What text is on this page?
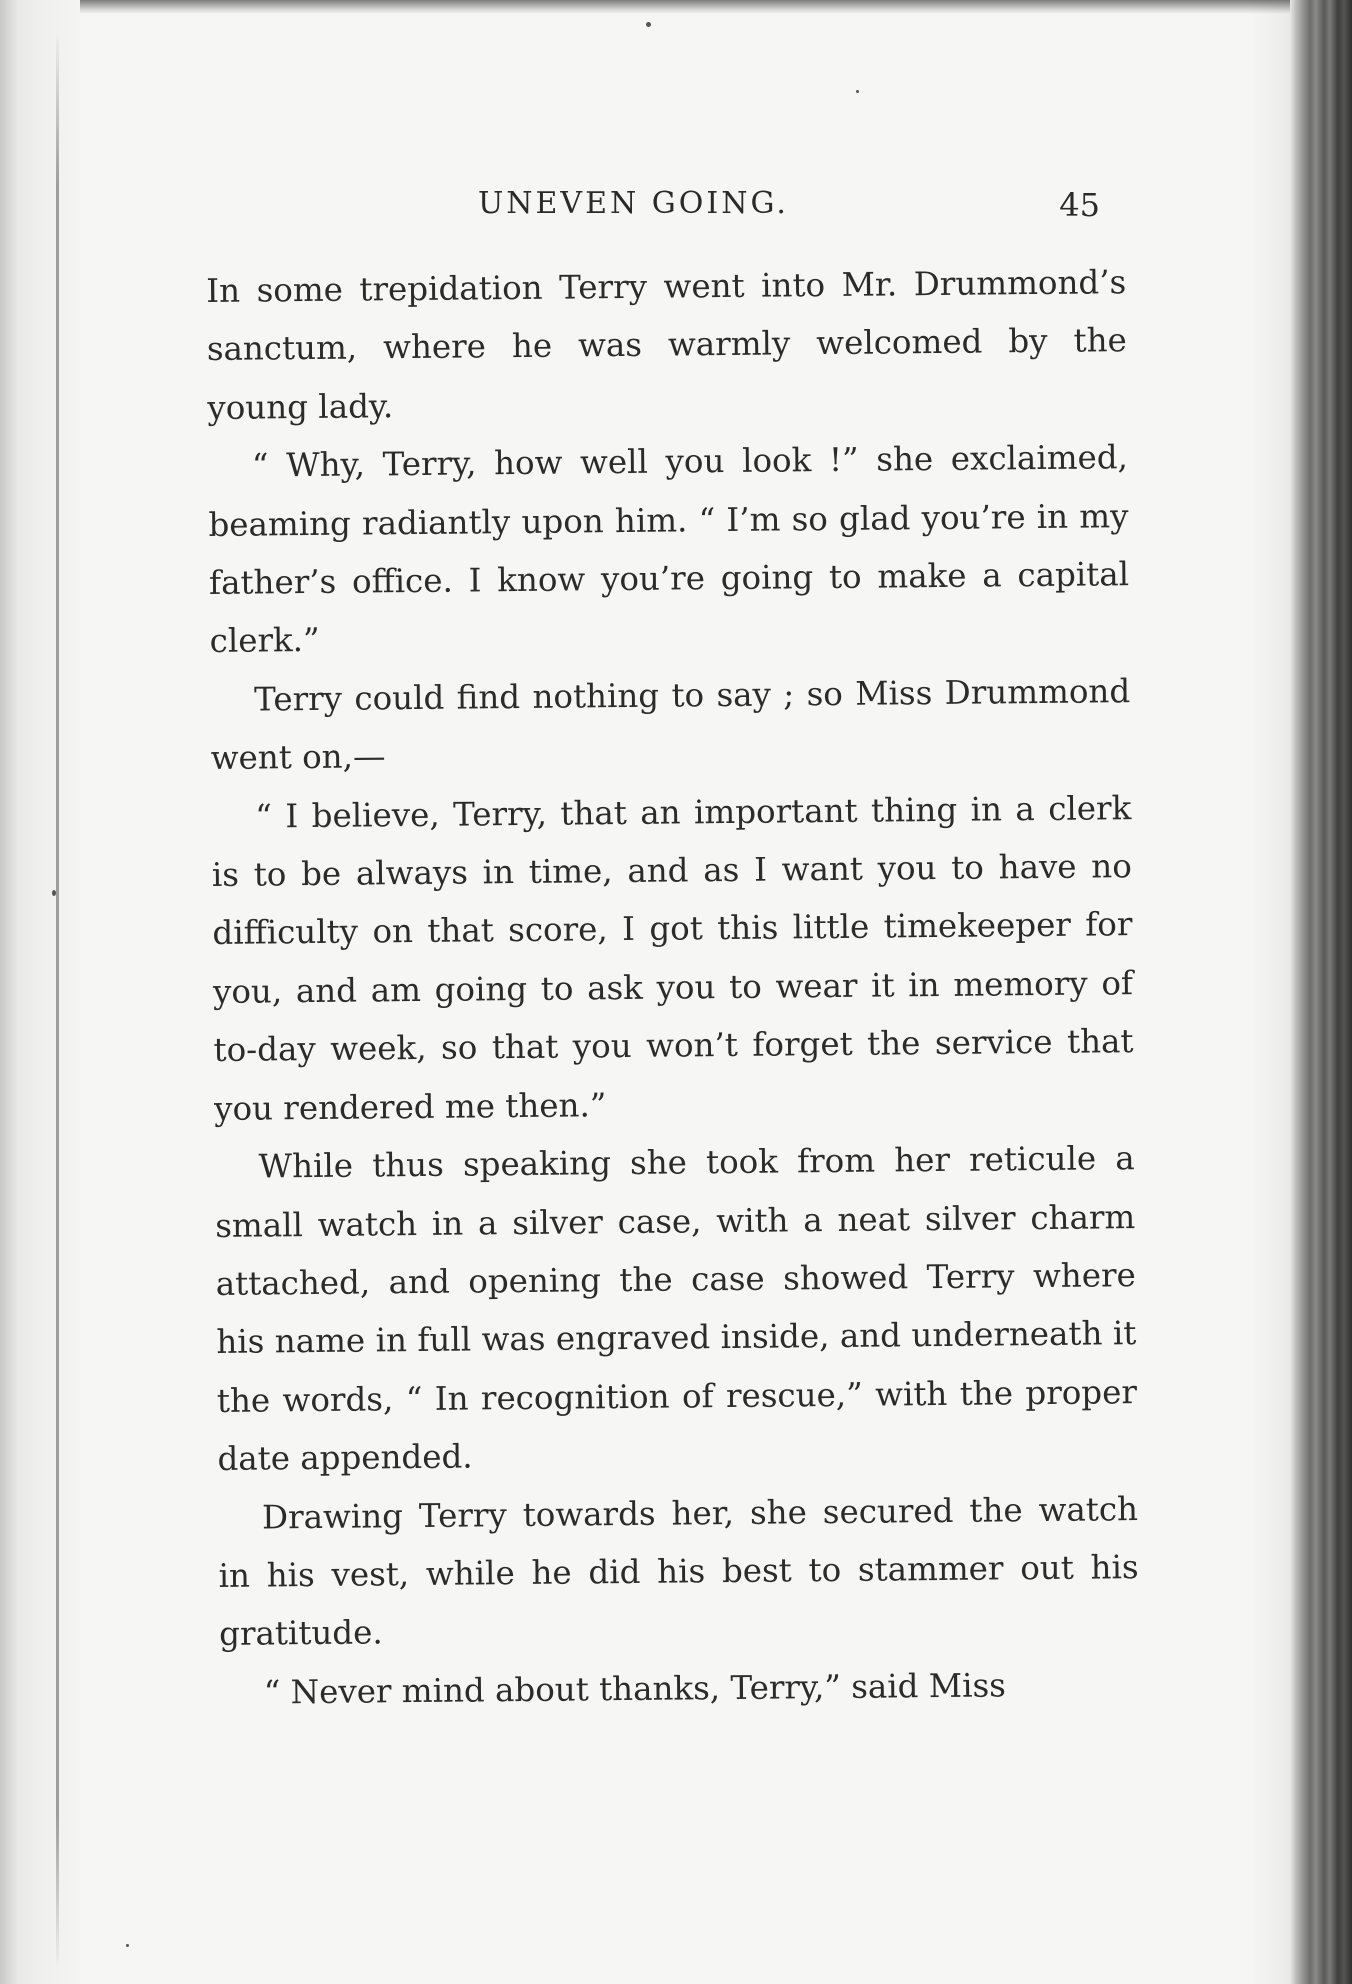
UNEVEN GOING.	45

In some trepidation Terry went into Mr. Drummond’s sanctum, where he was warmly welcomed by the young lady.

“ Why, Terry, how well you look !” she exclaimed, beaming radiantly upon him. “ I’m so glad you’re in my father’s office. I know you’re going to make a capital clerk.”

Terry could find nothing to say ; so Miss Drummond went on,—

“ I believe, Terry, that an important thing in a clerk is to be always in time, and as I want you to have no difficulty on that score, I got this little timekeeper for you, and am going to ask you to wear it in memory of to-day week, so that you won’t forget the service that you rendered me then.”

While thus speaking she took from her reticule a small watch in a silver case, with a neat silver charm attached, and opening the case showed Terry where his name in full was engraved inside, and underneath it the words, “ In recognition of rescue,” with the proper date appended.

Drawing Terry towards her, she secured the watch in his vest, while he did his best to stammer out his gratitude.

“ Never mind about thanks, Terry,” said Miss
